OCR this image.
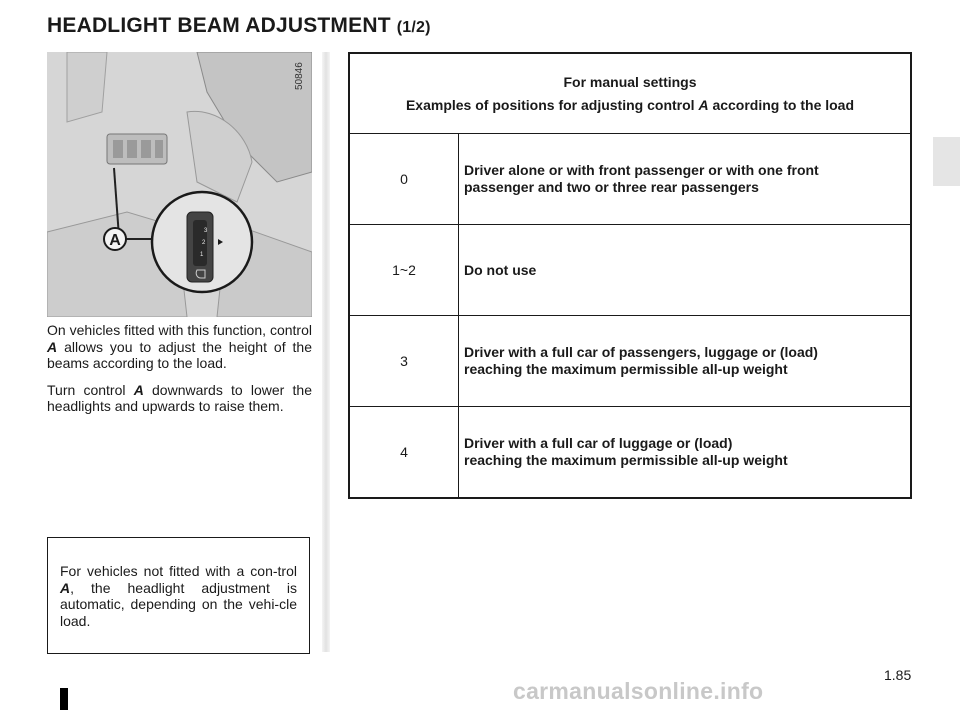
HEADLIGHT BEAM ADJUSTMENT (1/2)
3
2
1
A
50846

On vehicles fitted with this function, control A allows you to adjust the height of the beams according to the load.

Turn control A downwards to lower the headlights and upwards to raise them.

For vehicles not fitted with a con-trol A, the headlight adjustment is automatic, depending on the vehi-cle load.

For manual settings
Examples of positions for adjusting control A according to the load	

0	Driver alone or with front passenger or with one front
passenger and two or three rear passengers

1~2	Do not use

3	Driver with a full car of passengers, luggage or (load)
reaching the maximum permissible all-up weight

4	Driver with a full car of luggage or (load)
reaching the maximum permissible all-up weight
1.85
carmanualsonline.info
